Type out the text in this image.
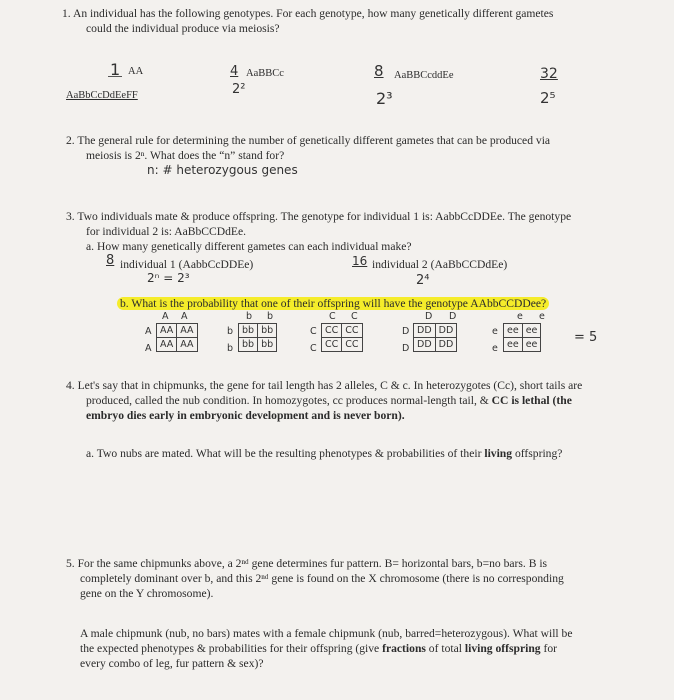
1. An individual has the following genotypes. For each genotype, how many genetically different gametes
could the individual produce via meiosis?
1 AA
AaBbCcDdEeFF
4 AaBBCc
2²
8 AaBBCcddEe
2³
32
2⁵
2. The general rule for determining the number of genetically different gametes that can be produced via
meiosis is 2ⁿ. What does the “n” stand for?
n: # heterozygous genes
3. Two individuals mate & produce offspring. The genotype for individual 1 is: AabbCcDDEe. The genotype
for individual 2 is: AaBbCCDdEe.
a. How many genetically different gametes can each individual make?
8 individual 1 (AabbCcDDEe)
2ⁿ = 2³
16 individual 2 (AaBbCCDdEe)
2⁴
b. What is the probability that one of their offspring will have the genotype AAbbCCDDee?
A A
A
A
AA	AA
AA	AA
b b
b
b
bb	bb
bb	bb
C C
C
C
CC	CC
CC	CC
D D
D
D
DD	DD
DD	DD
e e
e
e
ee	ee
ee	ee	= 5
4. Let's say that in chipmunks, the gene for tail length has 2 alleles, C & c. In heterozygotes (Cc), short tails are
produced, called the nub condition. In homozygotes, cc produces normal-length tail, & CC is lethal (the
embryo dies early in embryonic development and is never born).
a. Two nubs are mated. What will be the resulting phenotypes & probabilities of their living offspring?
5. For the same chipmunks above, a 2ⁿᵈ gene determines fur pattern. B= horizontal bars, b=no bars. B is
completely dominant over b, and this 2ⁿᵈ gene is found on the X chromosome (there is no corresponding
gene on the Y chromosome).
A male chipmunk (nub, no bars) mates with a female chipmunk (nub, barred=heterozygous). What will be
the expected phenotypes & probabilities for their offspring (give fractions of total living offspring for
every combo of leg, fur pattern & sex)?
